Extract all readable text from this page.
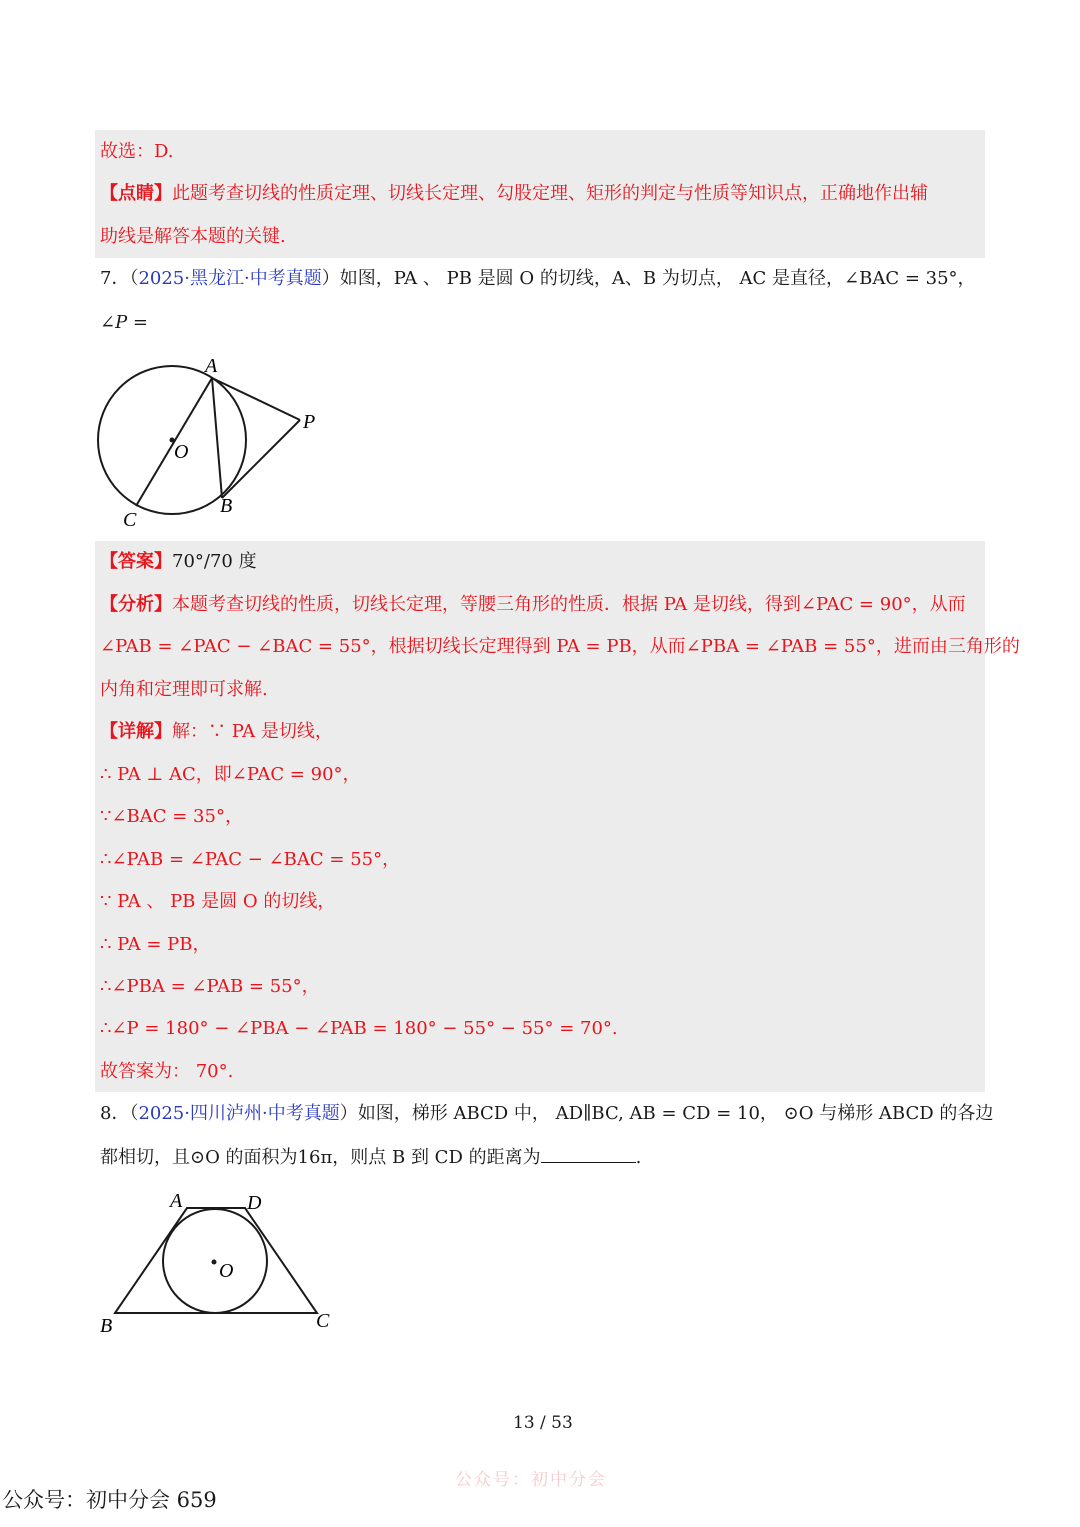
故选：D.
【点睛】此题考查切线的性质定理、切线长定理、勾股定理、矩形的判定与性质等知识点，正确地作出辅
助线是解答本题的关键.
7．（2025·黑龙江·中考真题）如图，PA 、 PB 是圆 O 的切线，A、B 为切点， AC 是直径，∠BAC = 35°，
∠P =
A
P
O
B
C
【答案】70°/70 度
【分析】本题考查切线的性质，切线长定理，等腰三角形的性质．根据 PA 是切线，得到∠PAC = 90°，从而
∠PAB = ∠PAC − ∠BAC = 55°，根据切线长定理得到 PA = PB，从而∠PBA = ∠PAB = 55°，进而由三角形的
内角和定理即可求解.
【详解】解：∵ PA 是切线，
∴ PA ⊥ AC，即∠PAC = 90°，
∵∠BAC = 35°，
∴∠PAB = ∠PAC − ∠BAC = 55°，
∵ PA 、 PB 是圆 O 的切线，
∴ PA = PB，
∴∠PBA = ∠PAB = 55°，
∴∠P = 180° − ∠PBA − ∠PAB = 180° − 55° − 55° = 70°.
故答案为： 70°.
8．（2025·四川泸州·中考真题）如图，梯形 ABCD 中， AD∥BC, AB = CD = 10， ⊙O 与梯形 ABCD 的各边
都相切，且⊙O 的面积为16π，则点 B 到 CD 的距离为	.
A	D
O
B	C
13 / 53
公众号：初中分会
公众号：初中分会 659
